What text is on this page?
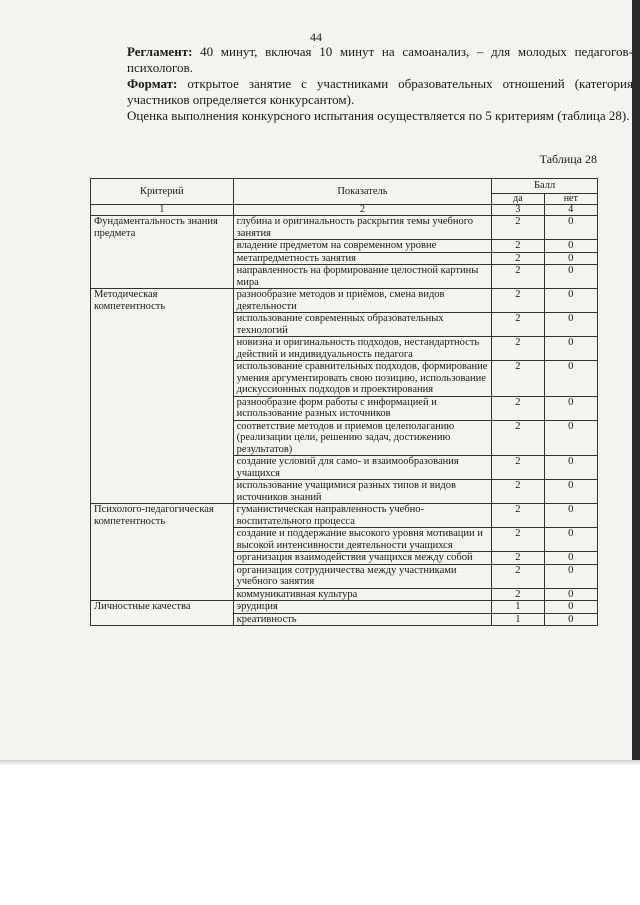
44
Регламент: 40 минут, включая 10 минут на самоанализ, – для молодых педагогов-психологов.
Формат: открытое занятие с участниками образовательных отношений (категория участников определяется конкурсантом).
Оценка выполнения конкурсного испытания осуществляется по 5 критериям (таблица 28).
Таблица 28
Критерий	Показатель	Балл	
		да	нет
1	2	3	4
Фундаментальность знания предмета	глубина и оригинальность раскрытия темы учебного занятия	2	0
	владение предметом на современном уровне	2	0
	метапредметность занятия	2	0
	направленность на формирование целостной картины мира	2	0
Методическая компетентность	разнообразие методов и приёмов, смена видов деятельности	2	0
	использование современных образовательных технологий	2	0
	новизна и оригинальность подходов, нестандартность действий и индивидуальность педагога	2	0
	использование сравнительных подходов, формирование умения аргументировать свою позицию, использование дискуссионных подходов и проектирования	2	0
	разнообразие форм работы с информацией и использование разных источников	2	0
	соответствие методов и приемов целеполаганию (реализации цели, решению задач, достижению результатов)	2	0
	создание условий для само- и взаимообразования учащихся	2	0
	использование учащимися разных типов и видов источников знаний	2	0
Психолого-педагогическая компетентность	гуманистическая направленность учебно-воспитательного процесса	2	0
	создание и поддержание высокого уровня мотивации и высокой интенсивности деятельности учащихся	2	0
	организация взаимодействия учащихся между собой	2	0
	организация сотрудничества между участниками учебного занятия	2	0
	коммуникативная культура	2	0
Личностные качества	эрудиция	1	0
	креативность	1	0
